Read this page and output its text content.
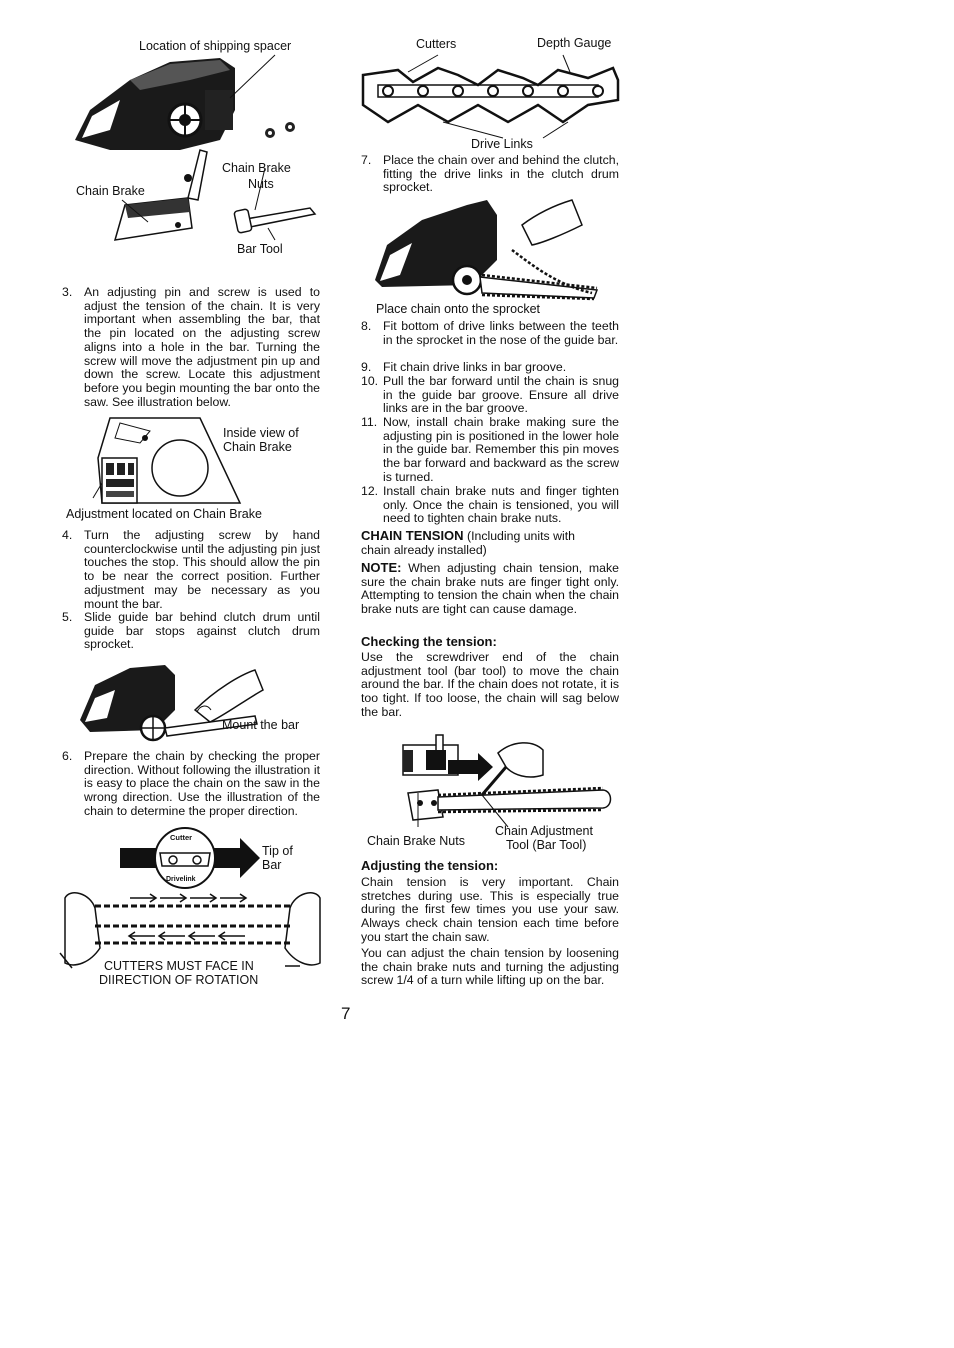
Location of shipping spacer
Chain Brake
Chain Brake
Nuts
Bar Tool
3. An adjusting pin and screw is used to adjust the tension of the chain. It is very important when assembling the bar, that the pin located on the adjusting screw aligns into a hole in the bar. Turning the screw will move the adjustment pin up and down the screw. Locate this adjustment before you begin mounting the bar onto the saw. See illustration below.
Inside view of
Chain Brake
Adjustment located on Chain Brake
4. Turn the adjusting screw by hand counterclockwise until the adjusting pin just touches the stop. This should allow the pin to be near the correct position. Further adjustment may be necessary as you mount the bar.
5. Slide guide bar behind clutch drum until guide bar stops against clutch drum sprocket.
Mount the bar
6. Prepare the chain by checking the proper direction. Without following the illustration it is easy to place the chain on the saw in the wrong direction. Use the illustration of the chain to determine the proper direction.
Cutter
Drivelink
Tip of
Bar
CUTTERS MUST FACE IN
DIIRECTION OF ROTATION
Cutters	Depth Gauge
Drive Links
7. Place the chain over and behind the clutch, fitting the drive links in the clutch drum sprocket.
Place chain onto the sprocket
8. Fit bottom of drive links between the teeth in the sprocket in the nose of the guide bar.
9. Fit chain drive links in bar groove.
10. Pull the bar forward until the chain is snug in the guide bar groove. Ensure all drive links are in the bar groove.
11. Now, install chain brake making sure the adjusting pin is positioned in the lower hole in the guide bar. Remember this pin moves the bar forward and backward as the screw is turned.
12. Install chain brake nuts and finger tighten only. Once the chain is tensioned, you will need to tighten chain brake nuts.
CHAIN TENSION (Including units with
chain already installed)
NOTE: When adjusting chain tension, make sure the chain brake nuts are finger tight only. Attempting to tension the chain when the chain brake nuts are tight can cause damage.
Checking the tension:
Use the screwdriver end of the chain adjustment tool (bar tool) to move the chain around the bar. If the chain does not rotate, it is too tight. If too loose, the chain will sag below the bar.
Chain Brake Nuts
Chain Adjustment
Tool (Bar Tool)
Adjusting the tension:
Chain tension is very important. Chain stretches during use. This is especially true during the first few times you use your saw. Always check chain tension each time before you start the chain saw.
You can adjust the chain tension by loosening the chain brake nuts and turning the adjusting screw 1/4 of a turn while lifting up on the bar.
7
